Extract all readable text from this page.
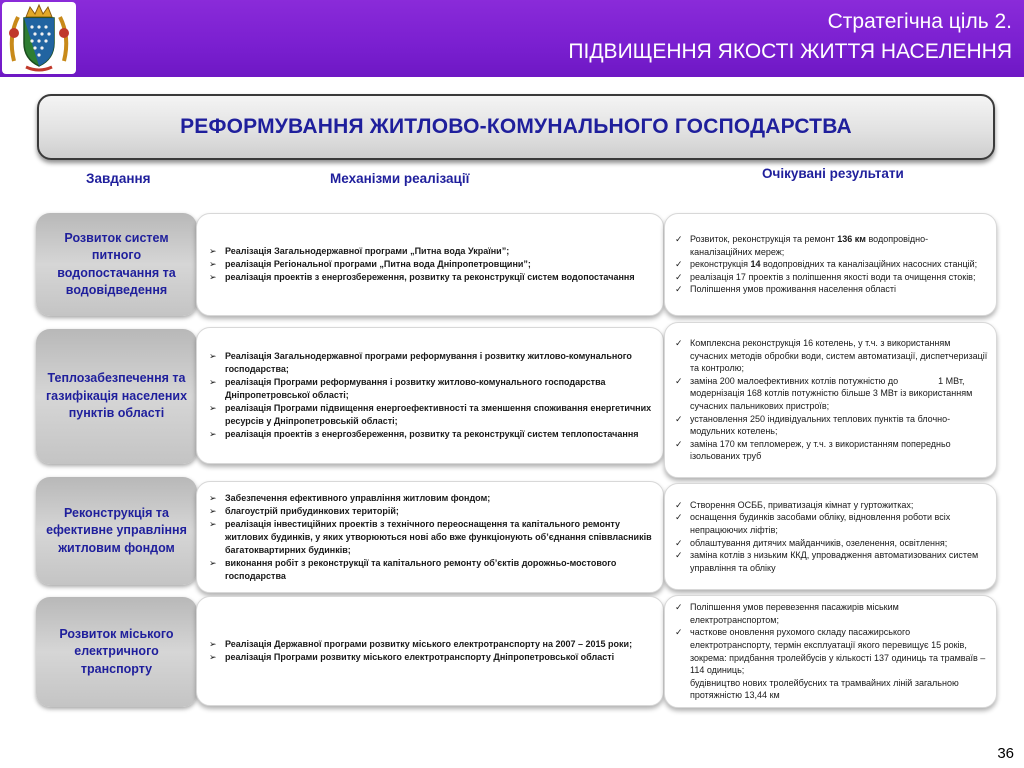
Стратегічна ціль 2.
ПІДВИЩЕННЯ ЯКОСТІ ЖИТТЯ НАСЕЛЕННЯ
РЕФОРМУВАННЯ ЖИТЛОВО-КОМУНАЛЬНОГО ГОСПОДАРСТВА
Завдання	Механізми реалізації	Очікувані результати
Розвиток систем питного водопостачання та водовідведення
➢ Реалізація Загальнодержавної програми „Питна вода України”;
➢ реалізація Регіональної програми „Питна вода Дніпропетровщини”;
➢ реалізація проектів з енергозбереження, розвитку та реконструкції систем водопостачання
✓ Розвиток, реконструкція та ремонт 136 км водопровідно-каналізаційних мереж;
✓ реконструкція 14 водопровідних та каналізаційних насосних станцій;
✓ реалізація 17 проектів з поліпшення якості води та очищення стоків;
✓ Поліпшення умов проживання населення області
Теплозабезпечення та газифікація населених пунктів області
➢ Реалізація Загальнодержавної програми реформування і розвитку житлово-комунального господарства;
➢ реалізація Програми реформування і розвитку житлово-комунального господарства Дніпропетровської області;
➢ реалізація Програми підвищення енергоефективності та зменшення споживання енергетичних ресурсів у Дніпропетровській області;
➢ реалізація проектів з енергозбереження, розвитку та реконструкції систем теплопостачання
✓ Комплексна реконструкція 16 котелень, у т.ч. з використанням сучасних методів обробки води, систем автоматизації, диспетчеризації та контролю;
✓ заміна 200 малоефективних котлів потужністю до                1 МВт, модернізація 168 котлів потужністю більше 3 МВт із використанням сучасних пальникових пристроїв;
✓ установлення 250 індивідуальних теплових пунктів та блочно-модульних котелень;
✓ заміна 170 км тепломереж, у т.ч. з використанням попередньо ізольованих труб
Реконструкція та ефективне управління житловим фондом
➢ Забезпечення ефективного управління житловим фондом;
➢ благоустрій прибудинкових територій;
➢ реалізація інвестиційних проектів з технічного переоснащення та капітального ремонту житлових будинків, у яких утворюються нові або вже функціонують об’єднання співвласників багатоквартирних будинків;
➢ виконання робіт з реконструкції та капітального ремонту об’єктів дорожньо-мостового господарства
✓ Створення ОСББ, приватизація кімнат у гуртожитках;
✓ оснащення будинків засобами обліку, відновлення роботи всіх непрацюючих ліфтів;
✓ облаштування дитячих майданчиків, озеленення, освітлення;
✓ заміна котлів з низьким ККД, упровадження автоматизованих систем управління та обліку
Розвиток міського електричного транспорту
➢ Реалізація Державної програми розвитку міського електротранспорту на 2007 – 2015 роки;
➢ реалізація Програми розвитку міського електротранспорту Дніпропетровської області
✓ Поліпшення умов перевезення пасажирів міським електротранспортом;
✓ часткове оновлення рухомого складу пасажирського електротранспорту, термін експлуатації якого перевищує 15 років, зокрема: придбання тролейбусів у кількості 137 одиниць та трамваїв – 114 одиниць;
будівництво нових тролейбусних та трамвайних ліній загальною протяжністю 13,44 км
36
